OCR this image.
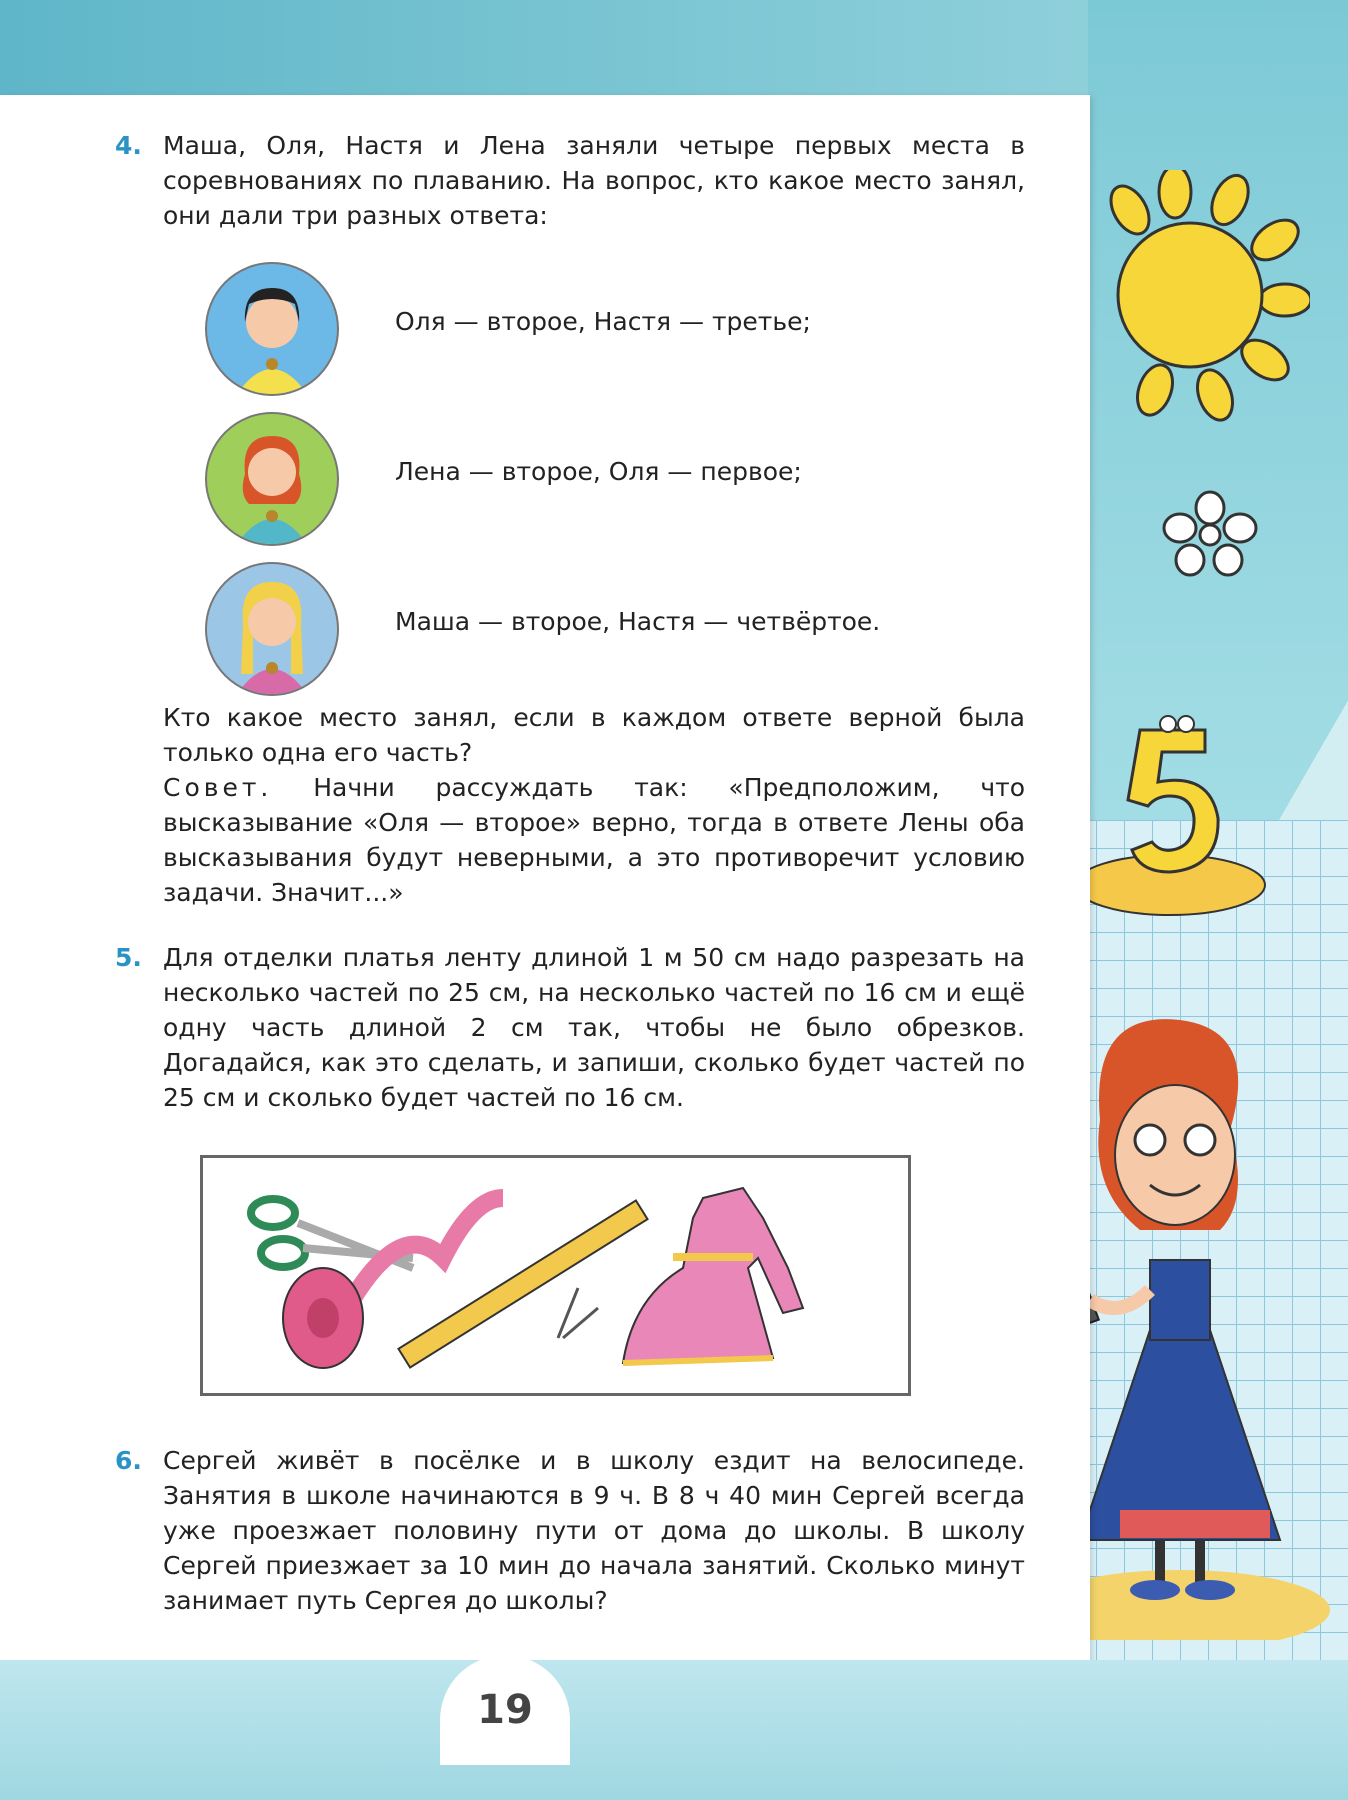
4. Маша, Оля, Настя и Лена заняли четыре первых места в соревнованиях по плаванию. На вопрос, кто какое место занял, они дали три разных ответа:
Оля — второе, Настя — третье;
Лена — второе, Оля — первое;
Маша — второе, Настя — четвёртое.
Кто какое место занял, если в каждом ответе верной была только одна его часть?
Совет. Начни рассуждать так: «Предположим, что высказывание «Оля — второе» верно, тогда в ответе Лены оба высказывания будут неверными, а это противоречит условию задачи. Значит...»
5. Для отделки платья ленту длиной 1 м 50 см надо разрезать на несколько частей по 25 см, на несколько частей по 16 см и ещё одну часть длиной 2 см так, чтобы не было обрезков. Догадайся, как это сделать, и запиши, сколько будет частей по 25 см и сколько будет частей по 16 см.
6. Сергей живёт в посёлке и в школу ездит на велосипеде. Занятия в школе начинаются в 9 ч. В 8 ч 40 мин Сергей всегда уже проезжает половину пути от дома до школы. В школу Сергей приезжает за 10 мин до начала занятий. Сколько минут занимает путь Сергея до школы?
19
